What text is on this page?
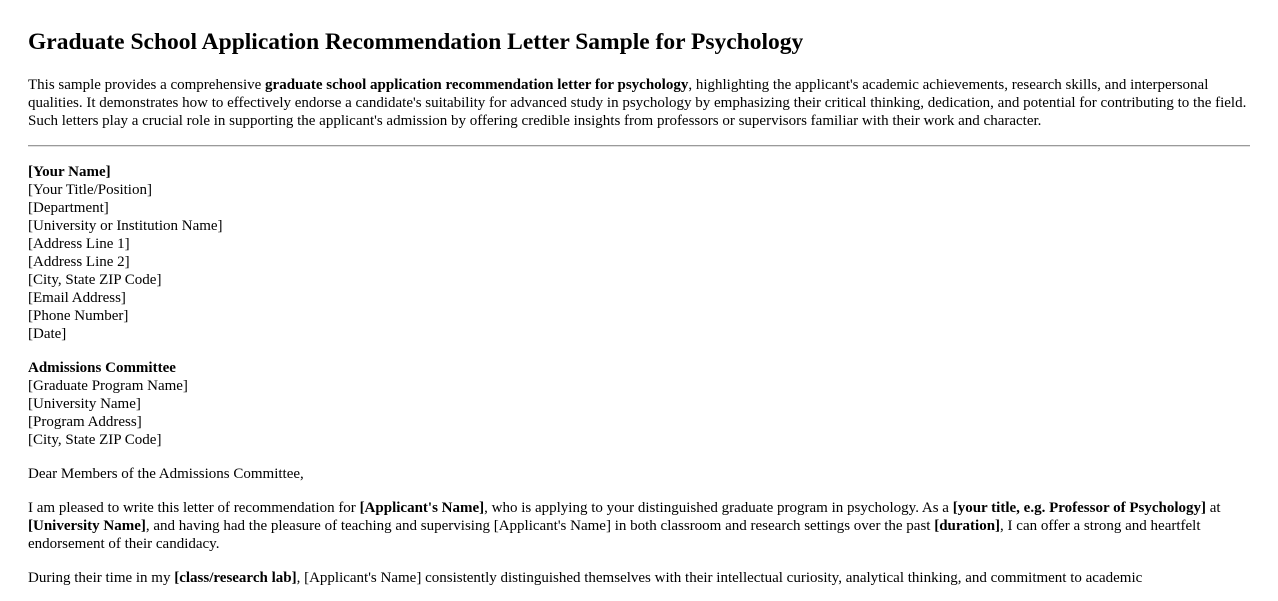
Graduate School Application Recommendation Letter Sample for Psychology

This sample provides a comprehensive graduate school application recommendation letter for psychology, highlighting the applicant's academic achievements, research skills, and interpersonal qualities. It demonstrates how to effectively endorse a candidate's suitability for advanced study in psychology by emphasizing their critical thinking, dedication, and potential for contributing to the field. Such letters play a crucial role in supporting the applicant's admission by offering credible insights from professors or supervisors familiar with their work and character.

[Your Name]
[Your Title/Position]
[Department]
[University or Institution Name]
[Address Line 1]
[Address Line 2]
[City, State ZIP Code]
[Email Address]
[Phone Number]
[Date]
Admissions Committee
[Graduate Program Name]
[University Name]
[Program Address]
[City, State ZIP Code]

Dear Members of the Admissions Committee,

I am pleased to write this letter of recommendation for [Applicant's Name], who is applying to your distinguished graduate program in psychology. As a [your title, e.g. Professor of Psychology] at [University Name], and having had the pleasure of teaching and supervising [Applicant's Name] in both classroom and research settings over the past [duration], I can offer a strong and heartfelt endorsement of their candidacy.

During their time in my [class/research lab], [Applicant's Name] consistently distinguished themselves with their intellectual curiosity, analytical thinking, and commitment to academic
